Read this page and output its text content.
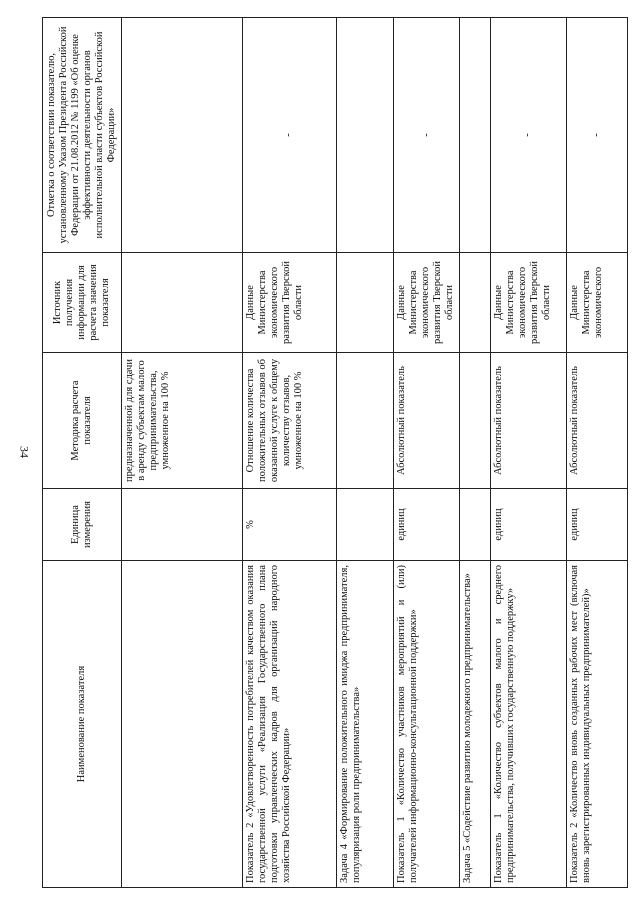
34
Наименование показателя	Единица измерения	Методика расчета показателя	Источник получения информации для расчета значения показателя	Отметка о соответствии показателю, установленному Указом Президента Российской Федерации от 21.08.2012 № 1199 «Об оценке эффективности деятельности органов исполнительной власти субъектов Российской Федерации»
		предназначенной для сдачи в аренду субъектам малого предпринимательства, умноженное на 100 %		
Показатель 2 «Удовлетворенность потребителей качеством оказания государственной услуги «Реализация Государственного плана подготовки управленческих кадров для организаций народного хозяйства Российской Федерации»	%	Отношение количества положительных отзывов об оказанной услуге к общему количеству отзывов, умноженное на 100 %	Данные Министерства экономического развития Тверской области	-
Задача 4 «Формирование положительного имиджа предпринимателя, популяризация роли предпринимательства»				
Показатель 1 «Количество участников мероприятий и (или) получателей информационно-консультационной поддержки»	единиц	Абсолютный показатель	Данные Министерства экономического развития Тверской области	-
Задача 5 «Содействие развитию молодежного предпринимательства»				
Показатель 1 «Количество субъектов малого и среднего предпринимательства, получивших государственную поддержку»	единиц	Абсолютный показатель	Данные Министерства экономического развития Тверской области	-
Показатель 2 «Количество вновь созданных рабочих мест (включая вновь зарегистрированных индивидуальных предпринимателей)»	единиц	Абсолютный показатель	Данные Министерства экономического	-
